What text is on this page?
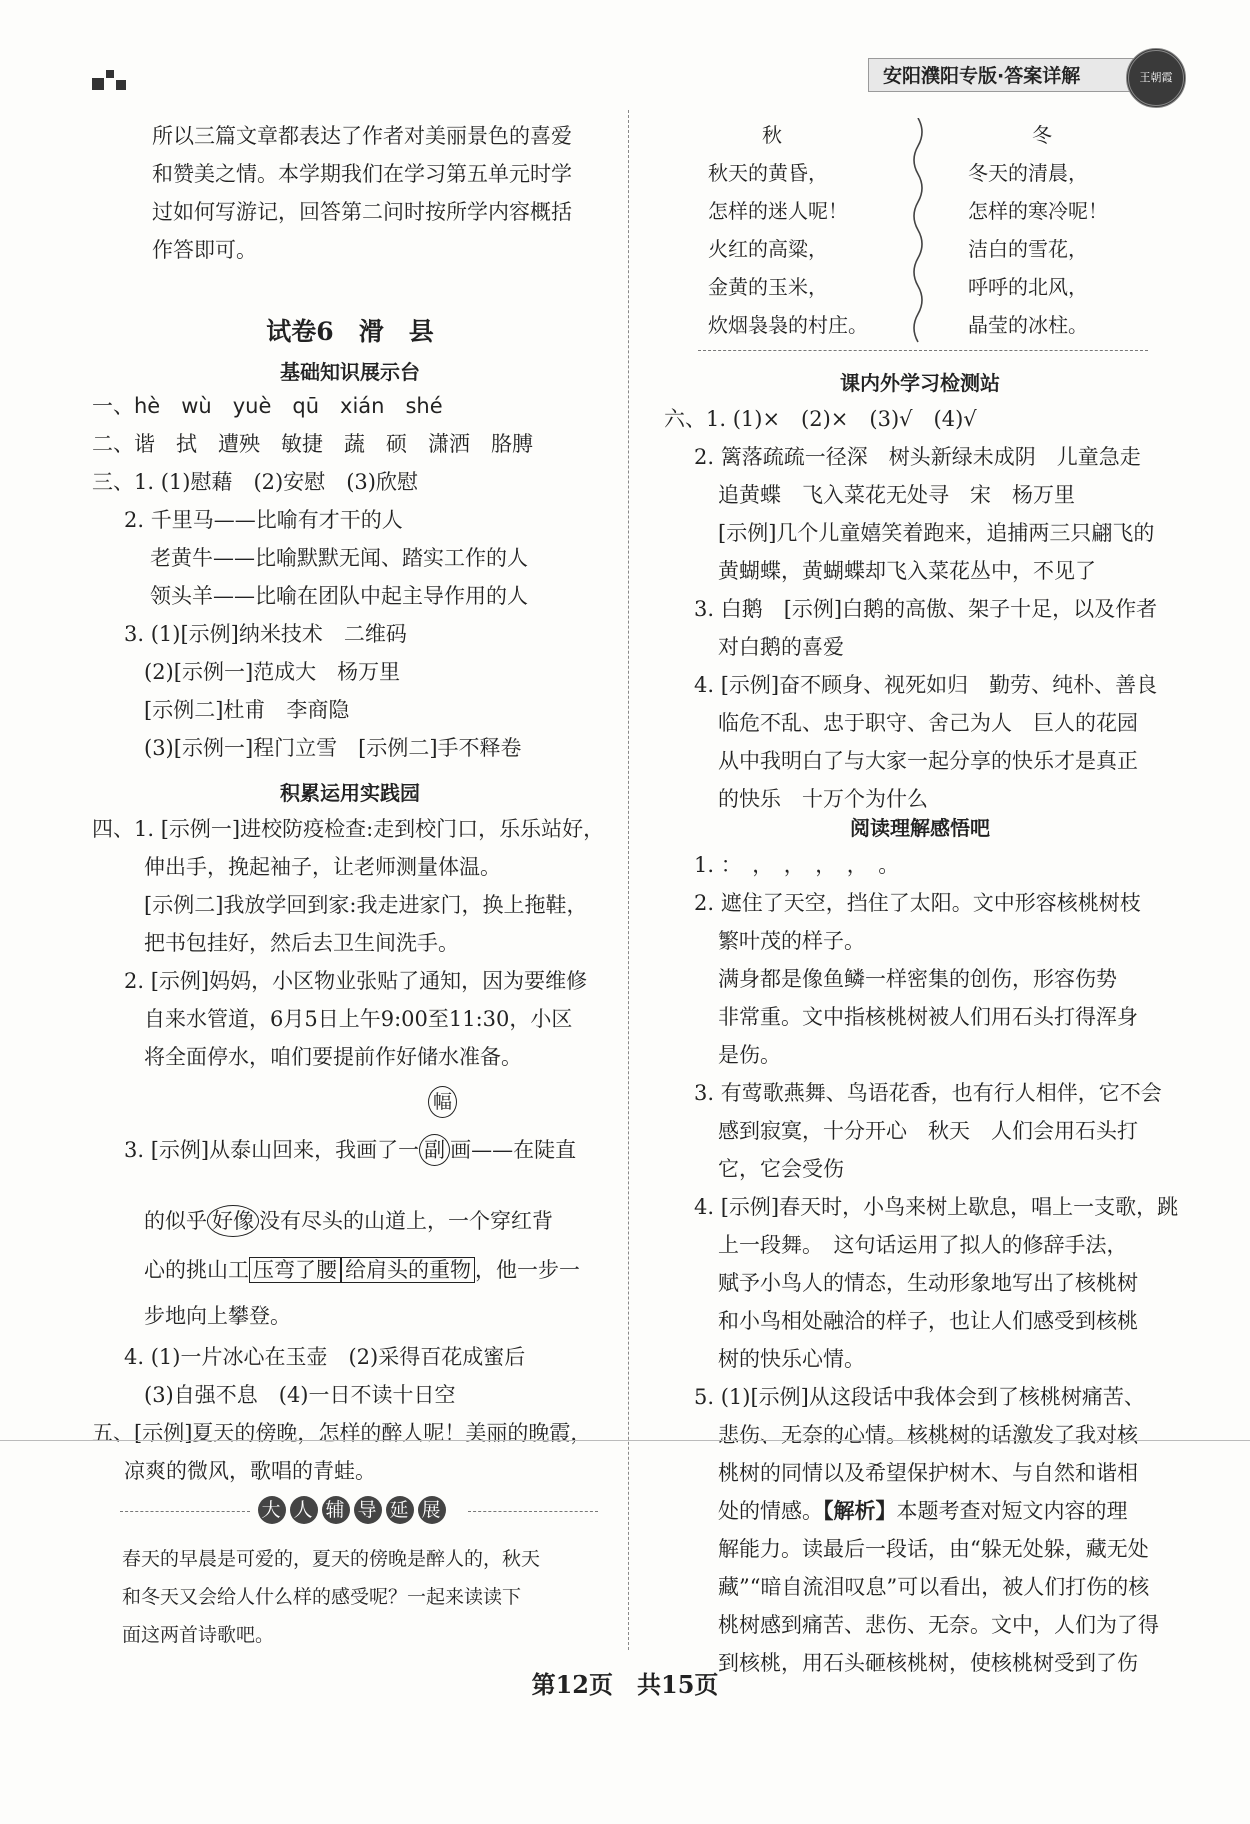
安阳濮阳专版·答案详解	王朝霞
所以三篇文章都表达了作者对美丽景色的喜爱
和赞美之情。本学期我们在学习第五单元时学
过如何写游记，回答第二问时按所学内容概括
作答即可。
试卷6　滑　县
基础知识展示台
一、hè　wù　yuè　qū　xián　shé
二、谐　拭　遭殃　敏捷　蔬　硕　潇洒　胳膊
三、1. (1)慰藉　(2)安慰　(3)欣慰
2. 千里马——比喻有才干的人
老黄牛——比喻默默无闻、踏实工作的人
领头羊——比喻在团队中起主导作用的人
3. (1)[示例]纳米技术　二维码
(2)[示例一]范成大　杨万里
[示例二]杜甫　李商隐
(3)[示例一]程门立雪　[示例二]手不释卷
积累运用实践园
四、1. [示例一]进校防疫检查:走到校门口，乐乐站好，
伸出手，挽起袖子，让老师测量体温。
[示例二]我放学回到家:我走进家门，换上拖鞋，
把书包挂好，然后去卫生间洗手。
2. [示例]妈妈，小区物业张贴了通知，因为要维修
自来水管道，6月5日上午9:00至11:30，小区
将全面停水，咱们要提前作好储水准备。
幅
3. [示例]从泰山回来，我画了一 副 画——在陡直
的似乎 好像 没有尽头的山道上，一个穿红背
心的挑山工 压弯了腰 给肩头的重物 ，他一步一
步地向上攀登。
4. (1)一片冰心在玉壶　(2)采得百花成蜜后
(3)自强不息　(4)一日不读十日空
五、[示例]夏天的傍晚，怎样的醉人呢！美丽的晚霞，
凉爽的微风，歌唱的青蛙。
大 人 辅 导 延 展
春天的早晨是可爱的，夏天的傍晚是醉人的，秋天
和冬天又会给人什么样的感受呢？一起来读读下
面这两首诗歌吧。
秋
秋天的黄昏，
怎样的迷人呢！
火红的高粱，
金黄的玉米，
炊烟袅袅的村庄。
冬
冬天的清晨，
怎样的寒冷呢！
洁白的雪花，
呼呼的北风，
晶莹的冰柱。
课内外学习检测站
六、1. (1)×　(2)×　(3)√　(4)√
2. 篱落疏疏一径深　树头新绿未成阴　儿童急走
追黄蝶　飞入菜花无处寻　宋　杨万里
[示例]几个儿童嬉笑着跑来，追捕两三只翩飞的
黄蝴蝶，黄蝴蝶却飞入菜花丛中，不见了
3. 白鹅　[示例]白鹅的高傲、架子十足，以及作者
对白鹅的喜爱
4. [示例]奋不顾身、视死如归　勤劳、纯朴、善良
临危不乱、忠于职守、舍己为人　巨人的花园
从中我明白了与大家一起分享的快乐才是真正
的快乐　十万个为什么
阅读理解感悟吧
1. ：　，　，　，　，　。
2. 遮住了天空，挡住了太阳。文中形容核桃树枝
繁叶茂的样子。
满身都是像鱼鳞一样密集的创伤，形容伤势
非常重。文中指核桃树被人们用石头打得浑身
是伤。
3. 有莺歌燕舞、鸟语花香，也有行人相伴，它不会
感到寂寞，十分开心　秋天　人们会用石头打
它，它会受伤
4. [示例]春天时，小鸟来树上歇息，唱上一支歌，跳
上一段舞。　这句话运用了拟人的修辞手法，
赋予小鸟人的情态，生动形象地写出了核桃树
和小鸟相处融洽的样子，也让人们感受到核桃
树的快乐心情。
5. (1)[示例]从这段话中我体会到了核桃树痛苦、
悲伤、无奈的心情。核桃树的话激发了我对核
桃树的同情以及希望保护树木、与自然和谐相
处的情感。【解析】本题考查对短文内容的理
解能力。读最后一段话，由“躲无处躲，藏无处
藏”“暗自流泪叹息”可以看出，被人们打伤的核
桃树感到痛苦、悲伤、无奈。文中，人们为了得
到核桃，用石头砸核桃树，使核桃树受到了伤
第12页　共15页
